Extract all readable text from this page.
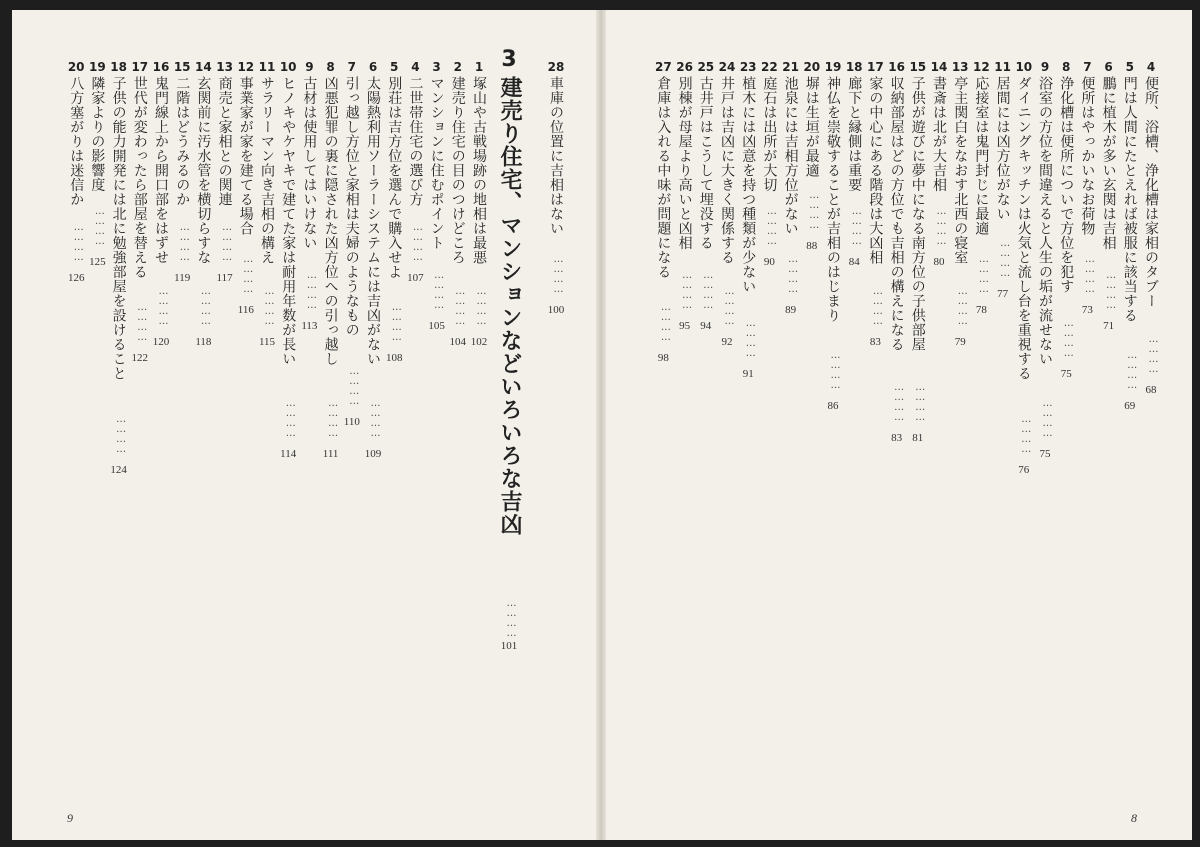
28
車庫の位置に吉相はない
…………
100
3
建売り住宅、マンションなどいろいろな吉凶
…………
101
1
塚山や古戦場跡の地相は最悪
…………
102
2
建売り住宅の目のつけどころ
…………
104
3
マンションに住むポイント
…………
105
4
二世帯住宅の選び方
…………
107
5
別荘は吉方位を選んで購入せよ
…………
108
6
太陽熱利用ソーラーシステムには吉凶がない
…………
109
7
引っ越し方位と家相は夫婦のようなもの
…………
110
8
凶悪犯罪の裏に隠された凶方位への引っ越し
…………
111
9
古材は使用してはいけない
…………
113
10
ヒノキやケヤキで建てた家は耐用年数が長い
…………
114
11
サラリーマン向き吉相の構え
…………
115
12
事業家が家を建てる場合
…………
116
13
商売と家相との関連
…………
117
14
玄関前に汚水管を横切らすな
…………
118
15
二階はどうみるのか
…………
119
16
鬼門線上から開口部をはずせ
…………
120
17
世代が変わったら部屋を替える
…………
122
18
子供の能力開発には北に勉強部屋を設けること
…………
124
19
隣家よりの影響度
…………
125
20
八方塞がりは迷信か
…………
126
9
4
便所、浴槽、浄化槽は家相のタブー
…………
68
5
門は人間にたとえれば被服に該当する
…………
69
6
鵬に植木が多い玄関は吉相
…………
71
7
便所はやっかいなお荷物
…………
73
8
浄化槽は便所についで方位を犯す
…………
75
9
浴室の方位を間違えると人生の垢が流せない
…………
75
10
ダイニングキッチンは火気と流し台を重視する
…………
76
11
居間には凶方位がない
…………
77
12
応接室は鬼門封じに最適
…………
78
13
亭主関白をなおす北西の寝室
…………
79
14
書斎は北が大吉相
…………
80
15
子供が遊びに夢中になる南方位の子供部屋
…………
81
16
収納部屋はどの方位でも吉相の構えになる
…………
83
17
家の中心にある階段は大凶相
…………
83
18
廊下と縁側は重要
…………
84
19
神仏を崇敬することが吉相のはじまり
…………
86
20
塀は生垣が最適
…………
88
21
池泉には吉相方位がない
…………
89
22
庭石は出所が大切
…………
90
23
植木には凶意を持つ種類が少ない
…………
91
24
井戸は吉凶に大きく関係する
…………
92
25
古井戸はこうして埋没する
…………
94
26
別棟が母屋より高いと凶相
…………
95
27
倉庫は入れる中味が問題になる
…………
98
8
